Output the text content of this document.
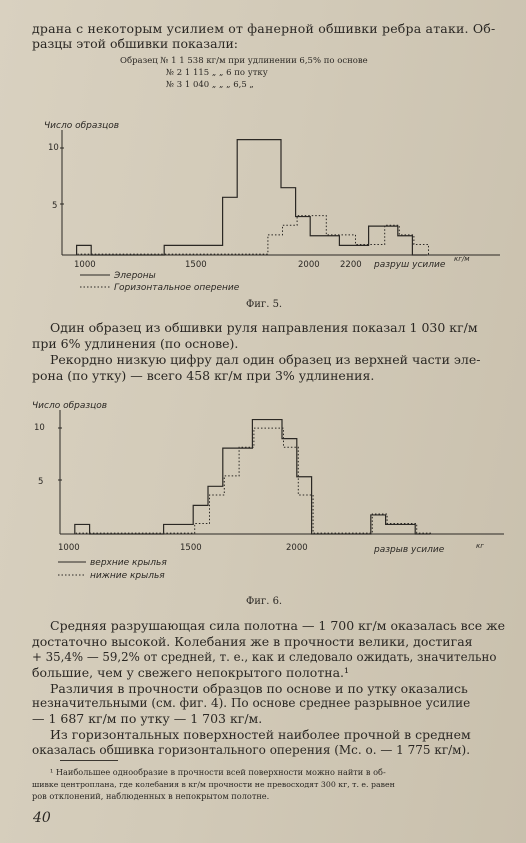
драна с некоторым усилием от фанерной обшивки ребра атаки. Об-
разцы этой обшивки показали:
Образец № 1 1 538 кг/м при удлинении 6,5% по основе
№ 2 1 115 „ „ 6 по утку
№ 3 1 040 „ „ „ 6,5 „
Число образцов
10
5
1000	1500	2000 2200 разруш усилие
кг/м
Элероны
Горизонтальное оперение
Фиг. 5.
Один образец из обшивки руля направления показал 1 030 кг/м
при 6% удлинения (по основе).
Рекордно низкую цифру дал один образец из верхней части эле-
рона (по утку) — всего 458 кг/м при 3% удлинения.
Число образцов
10
5
1000	1500	2000	разрыв усилие	кг
верхние крылья
нижние крылья
Фиг. 6.
Средняя разрушающая сила полотна — 1 700 кг/м оказалась все же
достаточно высокой. Колебания же в прочности велики, достигая
+ 35,4% — 59,2% от средней, т. е., как и следовало ожидать, значительно
большие, чем у свежего непокрытого полотна.¹
Различия в прочности образцов по основе и по утку оказались
незначительными (см. фиг. 4). По основе среднее разрывное усилие
— 1 687 кг/м по утку — 1 703 кг/м.
Из горизонтальных поверхностей наиболее прочной в среднем
оказалась обшивка горизонтального оперения (Mс. о. — 1 775 кг/м).
¹ Наибольшее однообразие в прочности всей поверхности можно найти в об-
шивке центроплана, где колебания в кг/м прочности не превосходят 300 кг, т. е. равен
ров отклонений, наблюденных в непокрытом полотне.
40
